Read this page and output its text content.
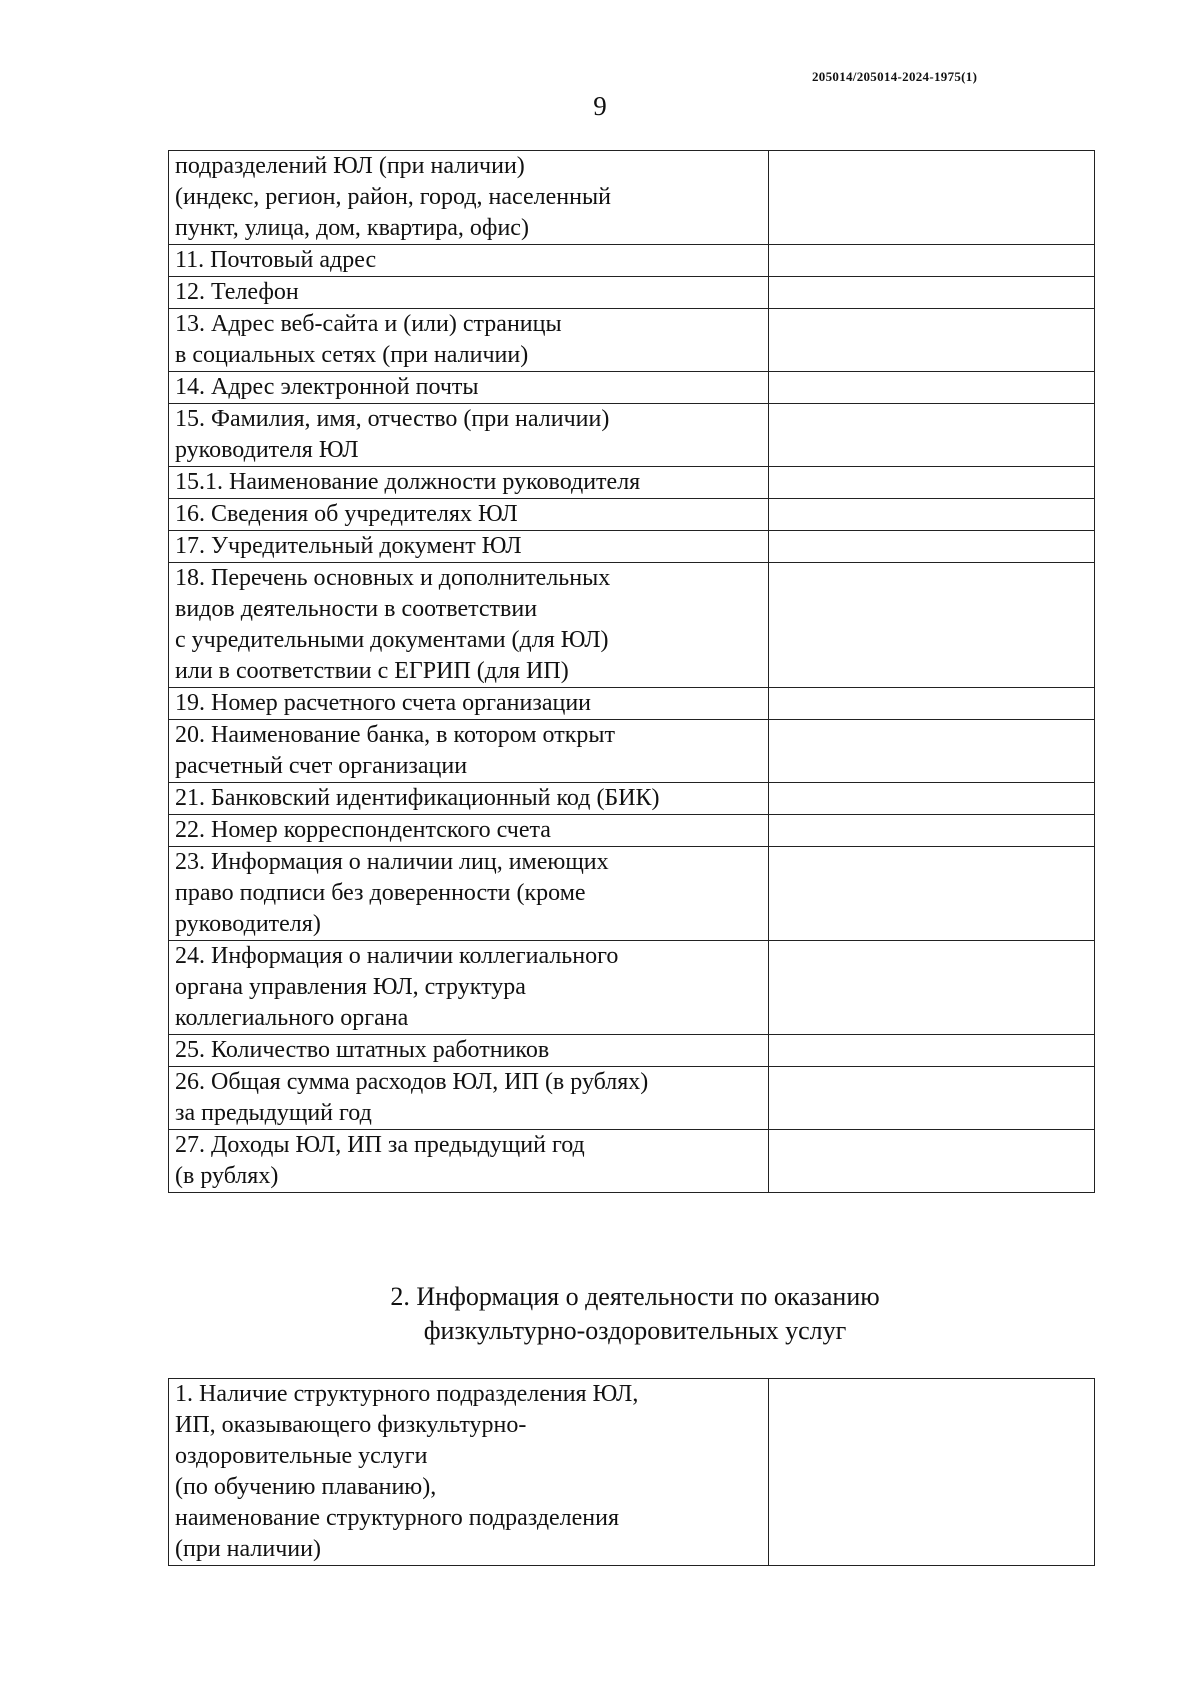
205014/205014-2024-1975(1)
9
подразделений ЮЛ (при наличии)
(индекс, регион, район, город, населенный
пункт, улица, дом, квартира, офис)	
11. Почтовый адрес	
12. Телефон	
13. Адрес веб-сайта и (или) страницы
в социальных сетях (при наличии)	
14. Адрес электронной почты	
15. Фамилия, имя, отчество (при наличии)
руководителя ЮЛ	
15.1. Наименование должности руководителя	
16. Сведения об учредителях ЮЛ	
17. Учредительный документ ЮЛ	
18. Перечень основных и дополнительных
видов деятельности в соответствии
с учредительными документами (для ЮЛ)
или в соответствии с ЕГРИП (для ИП)	
19. Номер расчетного счета организации	
20. Наименование банка, в котором открыт
расчетный счет организации	
21. Банковский идентификационный код (БИК)	
22. Номер корреспондентского счета	
23. Информация о наличии лиц, имеющих
право подписи без доверенности (кроме
руководителя)	
24. Информация о наличии коллегиального
органа управления ЮЛ, структура
коллегиального органа	
25. Количество штатных работников	
26. Общая сумма расходов ЮЛ, ИП (в рублях)
за предыдущий год	
27. Доходы ЮЛ, ИП за предыдущий год
(в рублях)	
2. Информация о деятельности по оказанию
физкультурно-оздоровительных услуг
1. Наличие структурного подразделения ЮЛ,
ИП, оказывающего физкультурно-
оздоровительные услуги
(по обучению плаванию),
наименование структурного подразделения
(при наличии)	
